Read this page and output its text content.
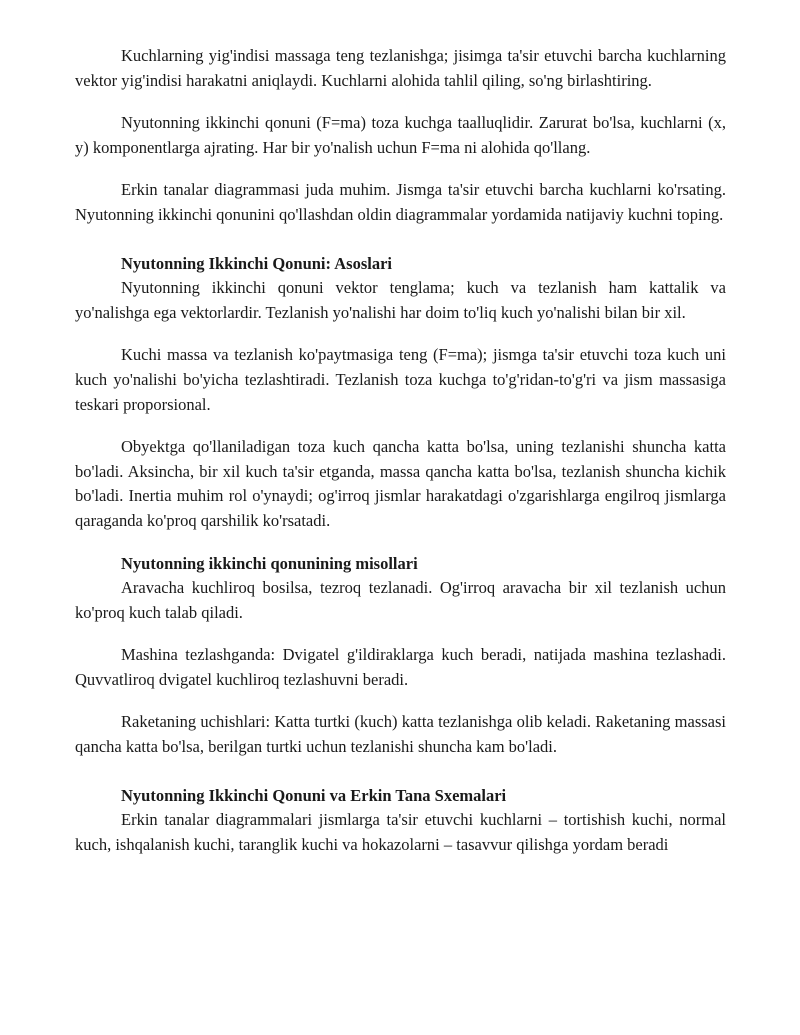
Kuchlarning yig'indisi massaga teng tezlanishga; jisimga ta'sir etuvchi barcha kuchlarning vektor yig'indisi harakatni aniqlaydi. Kuchlarni alohida tahlil qiling, so'ng birlashtiring.

Nyutonning ikkinchi qonuni (F=ma) toza kuchga taalluqlidir. Zarurat bo'lsa, kuchlarni (x, y) komponentlarga ajrating. Har bir yo'nalish uchun F=ma ni alohida qo'llang.

Erkin tanalar diagrammasi juda muhim. Jismga ta'sir etuvchi barcha kuchlarni ko'rsating. Nyutonning ikkinchi qonunini qo'llashdan oldin diagrammalar yordamida natijaviy kuchni toping.

Nyutonning Ikkinchi Qonuni: Asoslari

Nyutonning ikkinchi qonuni vektor tenglama; kuch va tezlanish ham kattalik va yo'nalishga ega vektorlardir. Tezlanish yo'nalishi har doim to'liq kuch yo'nalishi bilan bir xil.

Kuchi massa va tezlanish ko'paytmasiga teng (F=ma); jismga ta'sir etuvchi toza kuch uni kuch yo'nalishi bo'yicha tezlashtiradi. Tezlanish toza kuchga to'g'ridan-to'g'ri va jism massasiga teskari proporsional.

Obyektga qo'llaniladigan toza kuch qancha katta bo'lsa, uning tezlanishi shuncha katta bo'ladi. Aksincha, bir xil kuch ta'sir etganda, massa qancha katta bo'lsa, tezlanish shuncha kichik bo'ladi. Inertia muhim rol o'ynaydi; og'irroq jismlar harakatdagi o'zgarishlarga engilroq jismlarga qaraganda ko'proq qarshilik ko'rsatadi.

Nyutonning ikkinchi qonunining misollari

Aravacha kuchliroq bosilsa, tezroq tezlanadi. Og'irroq aravacha bir xil tezlanish uchun ko'proq kuch talab qiladi.

Mashina tezlashganda: Dvigatel g'ildiraklarga kuch beradi, natijada mashina tezlashadi. Quvvatliroq dvigatel kuchliroq tezlashuvni beradi.

Raketaning uchishlari: Katta turtki (kuch) katta tezlanishga olib keladi. Raketaning massasi qancha katta bo'lsa, berilgan turtki uchun tezlanishi shuncha kam bo'ladi.

Nyutonning Ikkinchi Qonuni va Erkin Tana Sxemalari

Erkin tanalar diagrammalari jismlarga ta'sir etuvchi kuchlarni – tortishish kuchi, normal kuch, ishqalanish kuchi, taranglik kuchi va hokazolarni – tasavvur qilishga yordam beradi
